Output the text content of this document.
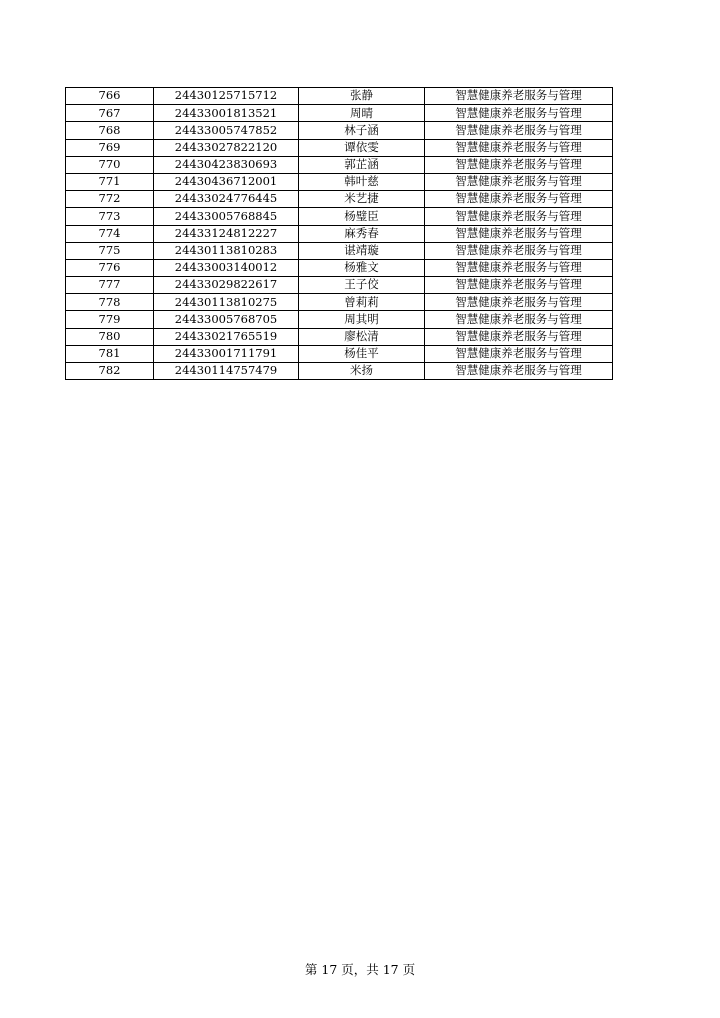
766	24430125715712	张静	智慧健康养老服务与管理
767	24433001813521	周晴	智慧健康养老服务与管理
768	24433005747852	林子涵	智慧健康养老服务与管理
769	24433027822120	谭依雯	智慧健康养老服务与管理
770	24430423830693	郭芷涵	智慧健康养老服务与管理
771	24430436712001	韩叶慈	智慧健康养老服务与管理
772	24433024776445	米艺捷	智慧健康养老服务与管理
773	24433005768845	杨璧臣	智慧健康养老服务与管理
774	24433124812227	麻秀春	智慧健康养老服务与管理
775	24430113810283	谌靖璇	智慧健康养老服务与管理
776	24433003140012	杨雅文	智慧健康养老服务与管理
777	24433029822617	王子佼	智慧健康养老服务与管理
778	24430113810275	曾莉莉	智慧健康养老服务与管理
779	24433005768705	周其明	智慧健康养老服务与管理
780	24433021765519	廖松清	智慧健康养老服务与管理
781	24433001711791	杨佳平	智慧健康养老服务与管理
782	24430114757479	米扬	智慧健康养老服务与管理
第 17 页，共 17 页
